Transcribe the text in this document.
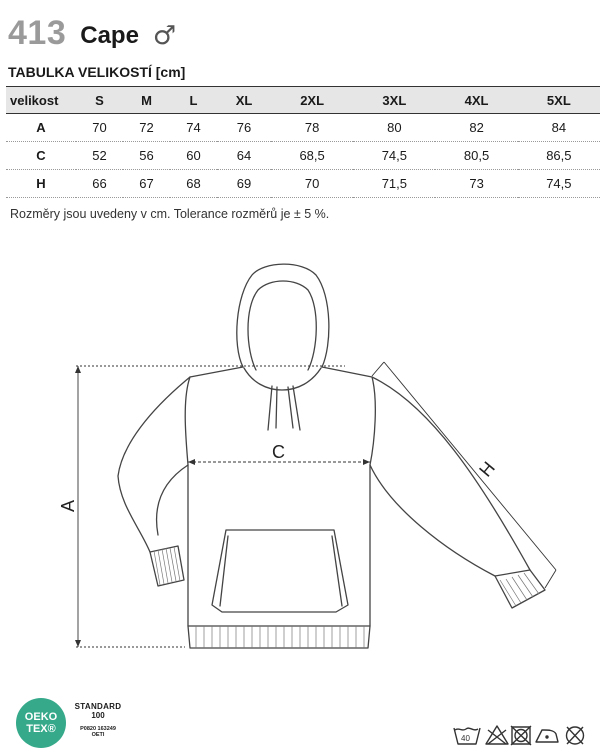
413 Cape ♂
TABULKA VELIKOSTÍ [cm]
velikost	S	M	L	XL	2XL	3XL	4XL	5XL
A	70	72	74	76	78	80	82	84
C	52	56	60	64	68,5	74,5	80,5	86,5
H	66	67	68	69	70	71,5	73	74,5
Rozměry jsou uvedeny v cm. Tolerance rozměrů je ± 5 %.
A
C
H
OEKO
TEX®
STANDARD
100
P0820 163249
OETI	40
